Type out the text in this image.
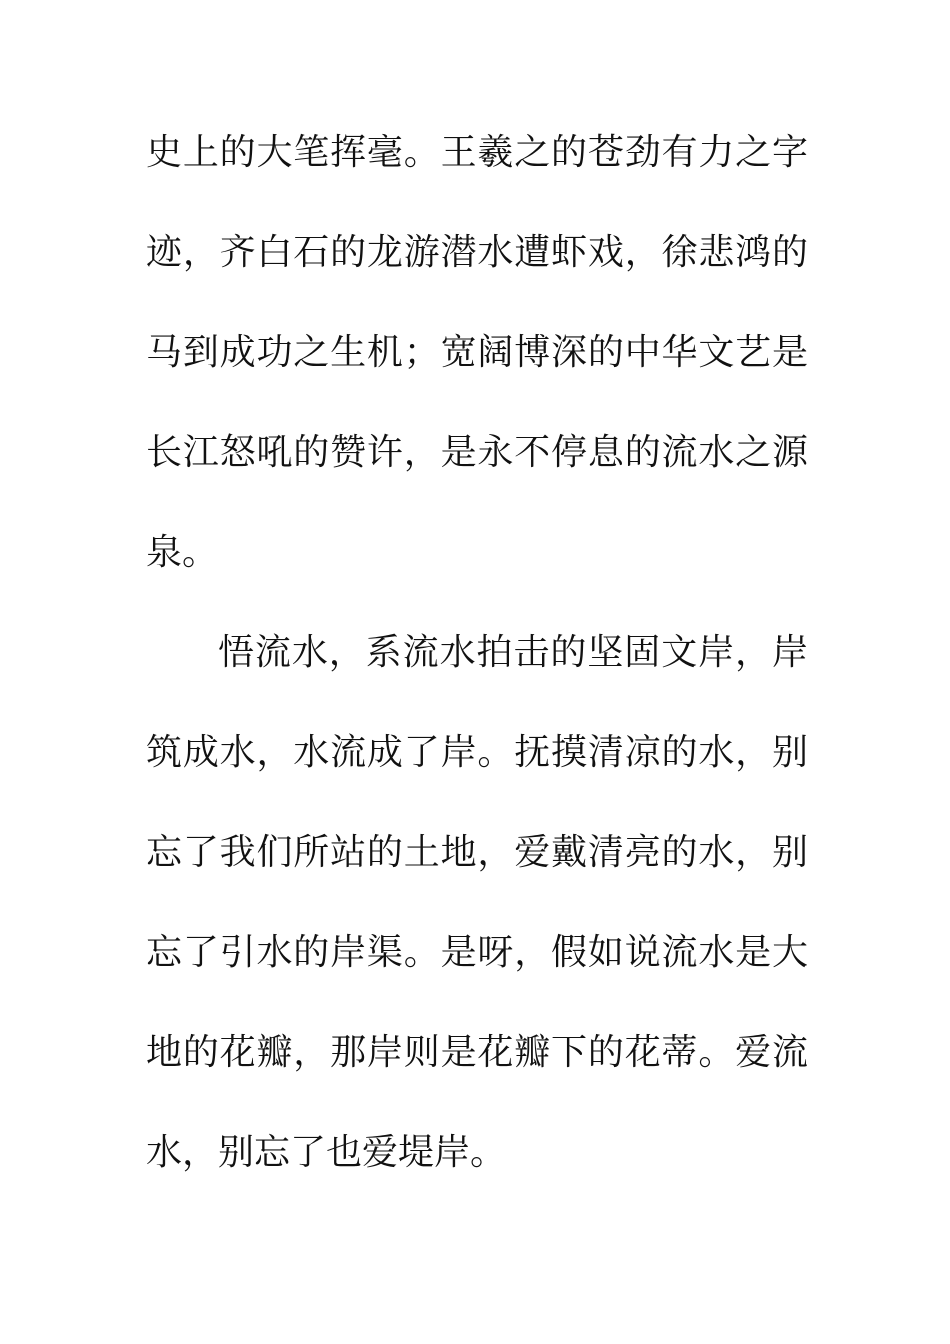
史上的大笔挥毫。王羲之的苍劲有力之字
迹，齐白石的龙游潜水遭虾戏，徐悲鸿的
马到成功之生机；宽阔博深的中华文艺是
长江怒吼的赞许，是永不停息的流水之源
泉。
悟流水，系流水拍击的坚固文岸，岸
筑成水，水流成了岸。抚摸清凉的水，别
忘了我们所站的土地，爱戴清亮的水，别
忘了引水的岸渠。是呀，假如说流水是大
地的花瓣，那岸则是花瓣下的花蒂。爱流
水，别忘了也爱堤岸。
